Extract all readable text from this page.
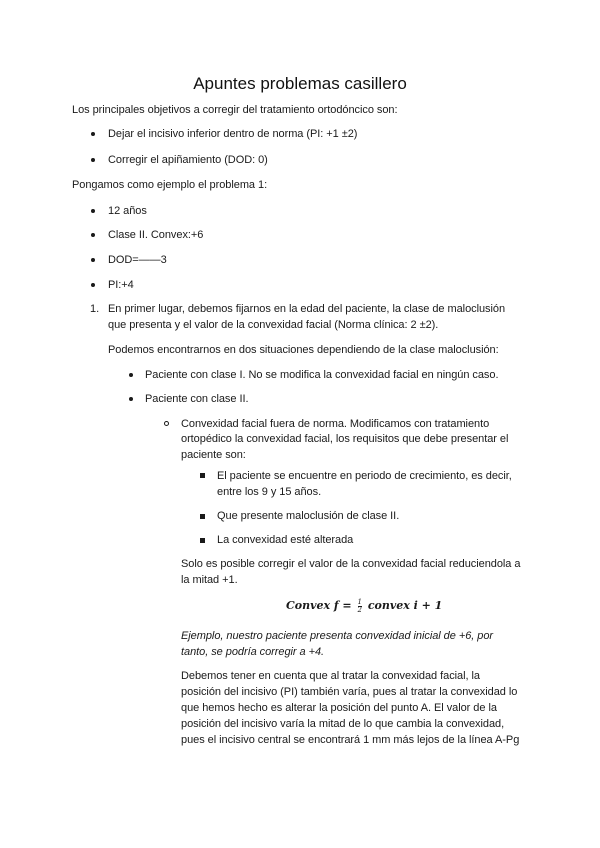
Apuntes problemas casillero
Los principales objetivos a corregir del tratamiento ortodóncico son:
Dejar el incisivo inferior dentro de norma (PI: +1 ±2)
Corregir el apiñamiento (DOD: 0)
Pongamos como ejemplo el problema 1:
12 años
Clase II. Convex:+6
DOD=——3
PI:+4
1. En primer lugar, debemos fijarnos en la edad del paciente, la clase de maloclusión
que presenta y el valor de la convexidad facial (Norma clínica: 2 ±2).
Podemos encontrarnos en dos situaciones dependiendo de la clase maloclusión:
Paciente con clase I. No se modifica la convexidad facial en ningún caso.
Paciente con clase II.
Convexidad facial fuera de norma. Modificamos con tratamiento
ortopédico la convexidad facial, los requisitos que debe presentar el
paciente son:
El paciente se encuentre en periodo de crecimiento, es decir,
entre los 9 y 15 años.
Que presente maloclusión de clase II.
La convexidad esté alterada
Solo es posible corregir el valor de la convexidad facial reduciendola a
la mitad +1.
Convex $f = \frac{1}{2}$ convex i + 1
Ejemplo, nuestro paciente presenta convexidad inicial de +6, por
tanto, se podría corregir a +4.
Debemos tener en cuenta que al tratar la convexidad facial, la
posición del incisivo (PI) también varía, pues al tratar la convexidad lo
que hemos hecho es alterar la posición del punto A. El valor de la
posición del incisivo varía la mitad de lo que cambia la convexidad,
pues el incisivo central se encontrará 1 mm más lejos de la línea A-Pg
